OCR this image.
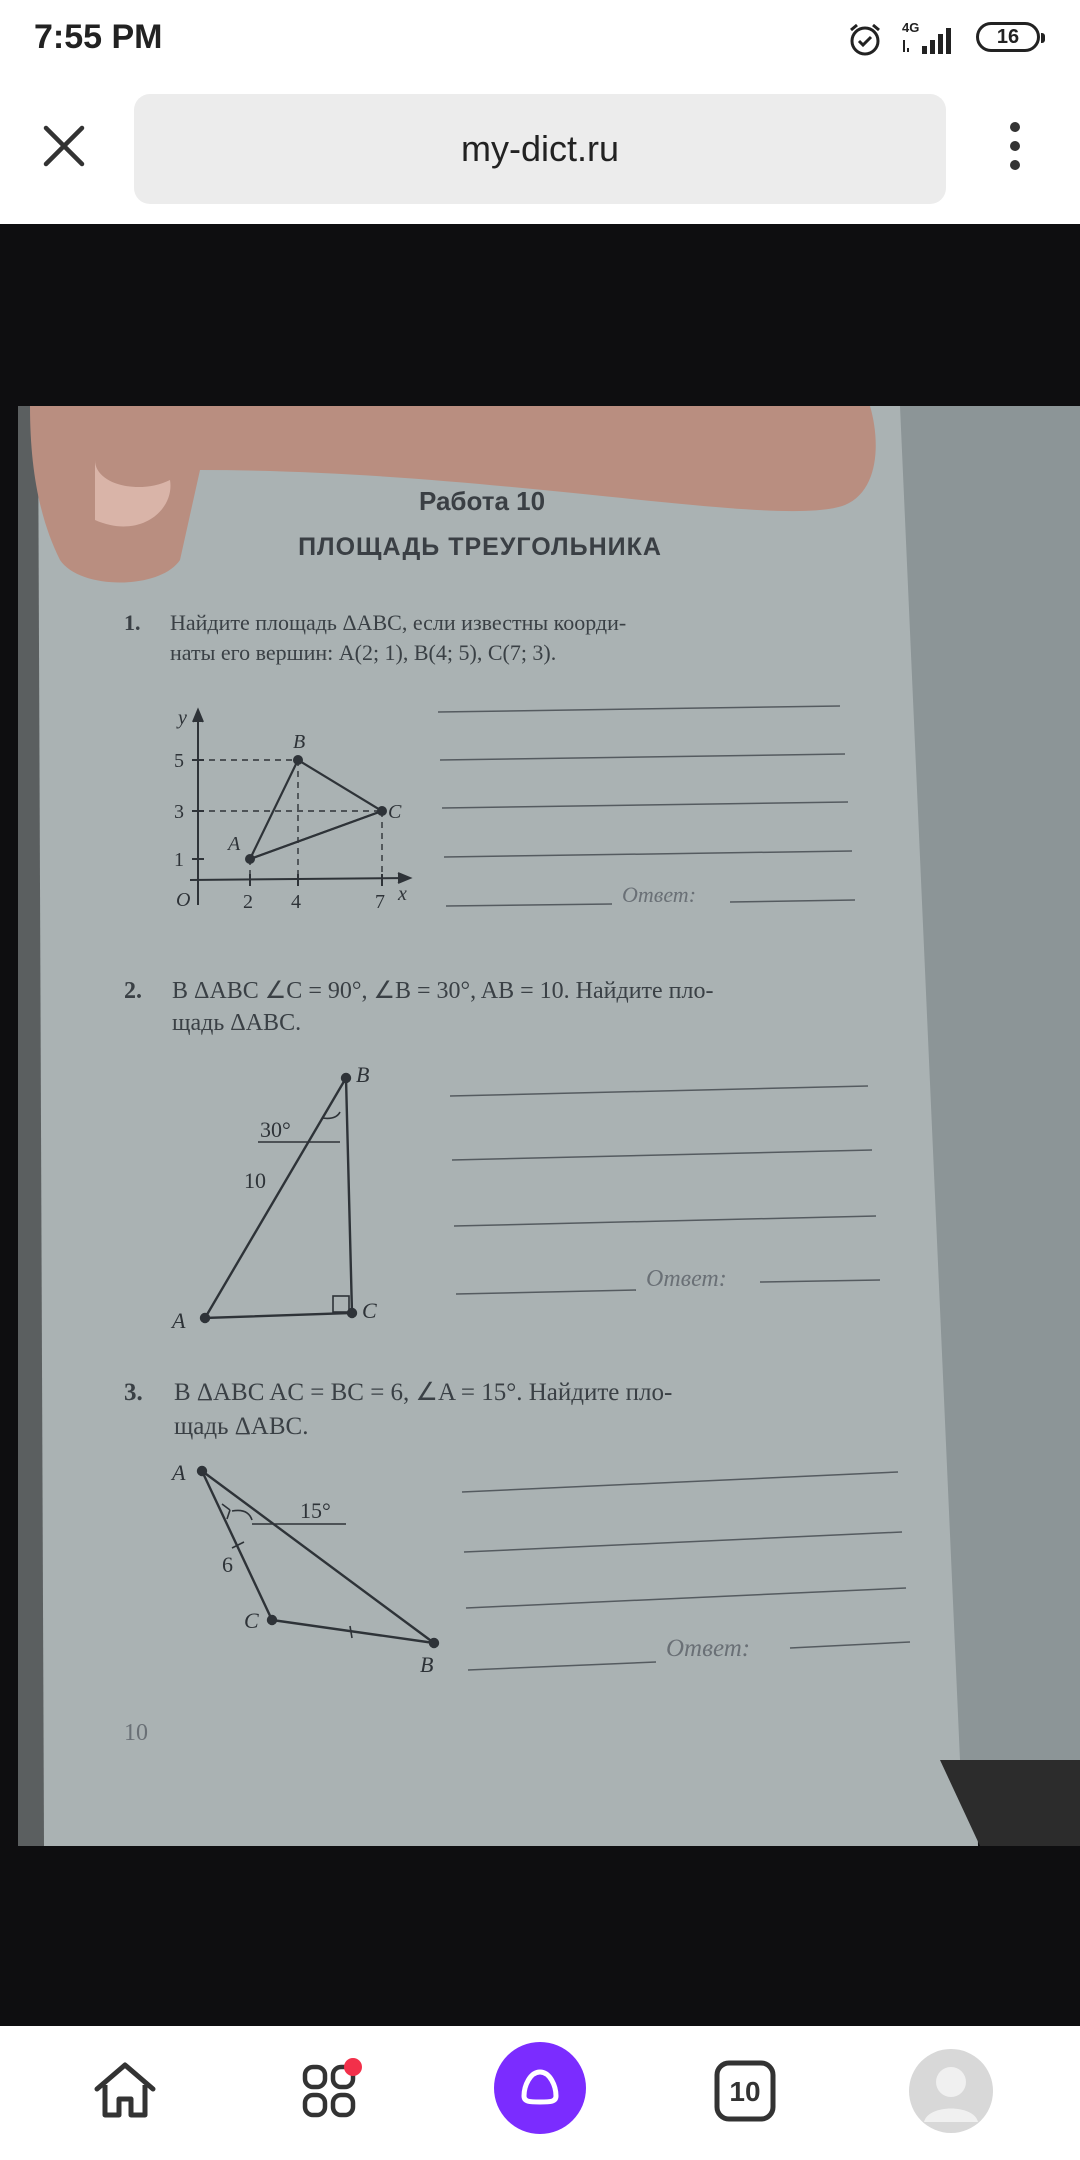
7:55 PM	4G	16
my-dict.ru
Работа 10
ПЛОЩАДЬ ТРЕУГОЛЬНИКА
1. Найдите площадь ΔABC, если известны коорди-
наты его вершин: A(2; 1), B(4; 5), C(7; 3).
Ответ:
y
x
O
5
3
1
2 4	7
A
B
C
2. В ΔABC ∠C = 90°, ∠B = 30°, AB = 10. Найдите пло-
щадь ΔABC.
Ответ:
30°
10
A
B
C
3. В ΔABC AC = BC = 6, ∠A = 15°. Найдите пло-
щадь ΔABC.
Ответ:
15°
6
A
B
C
10
10
